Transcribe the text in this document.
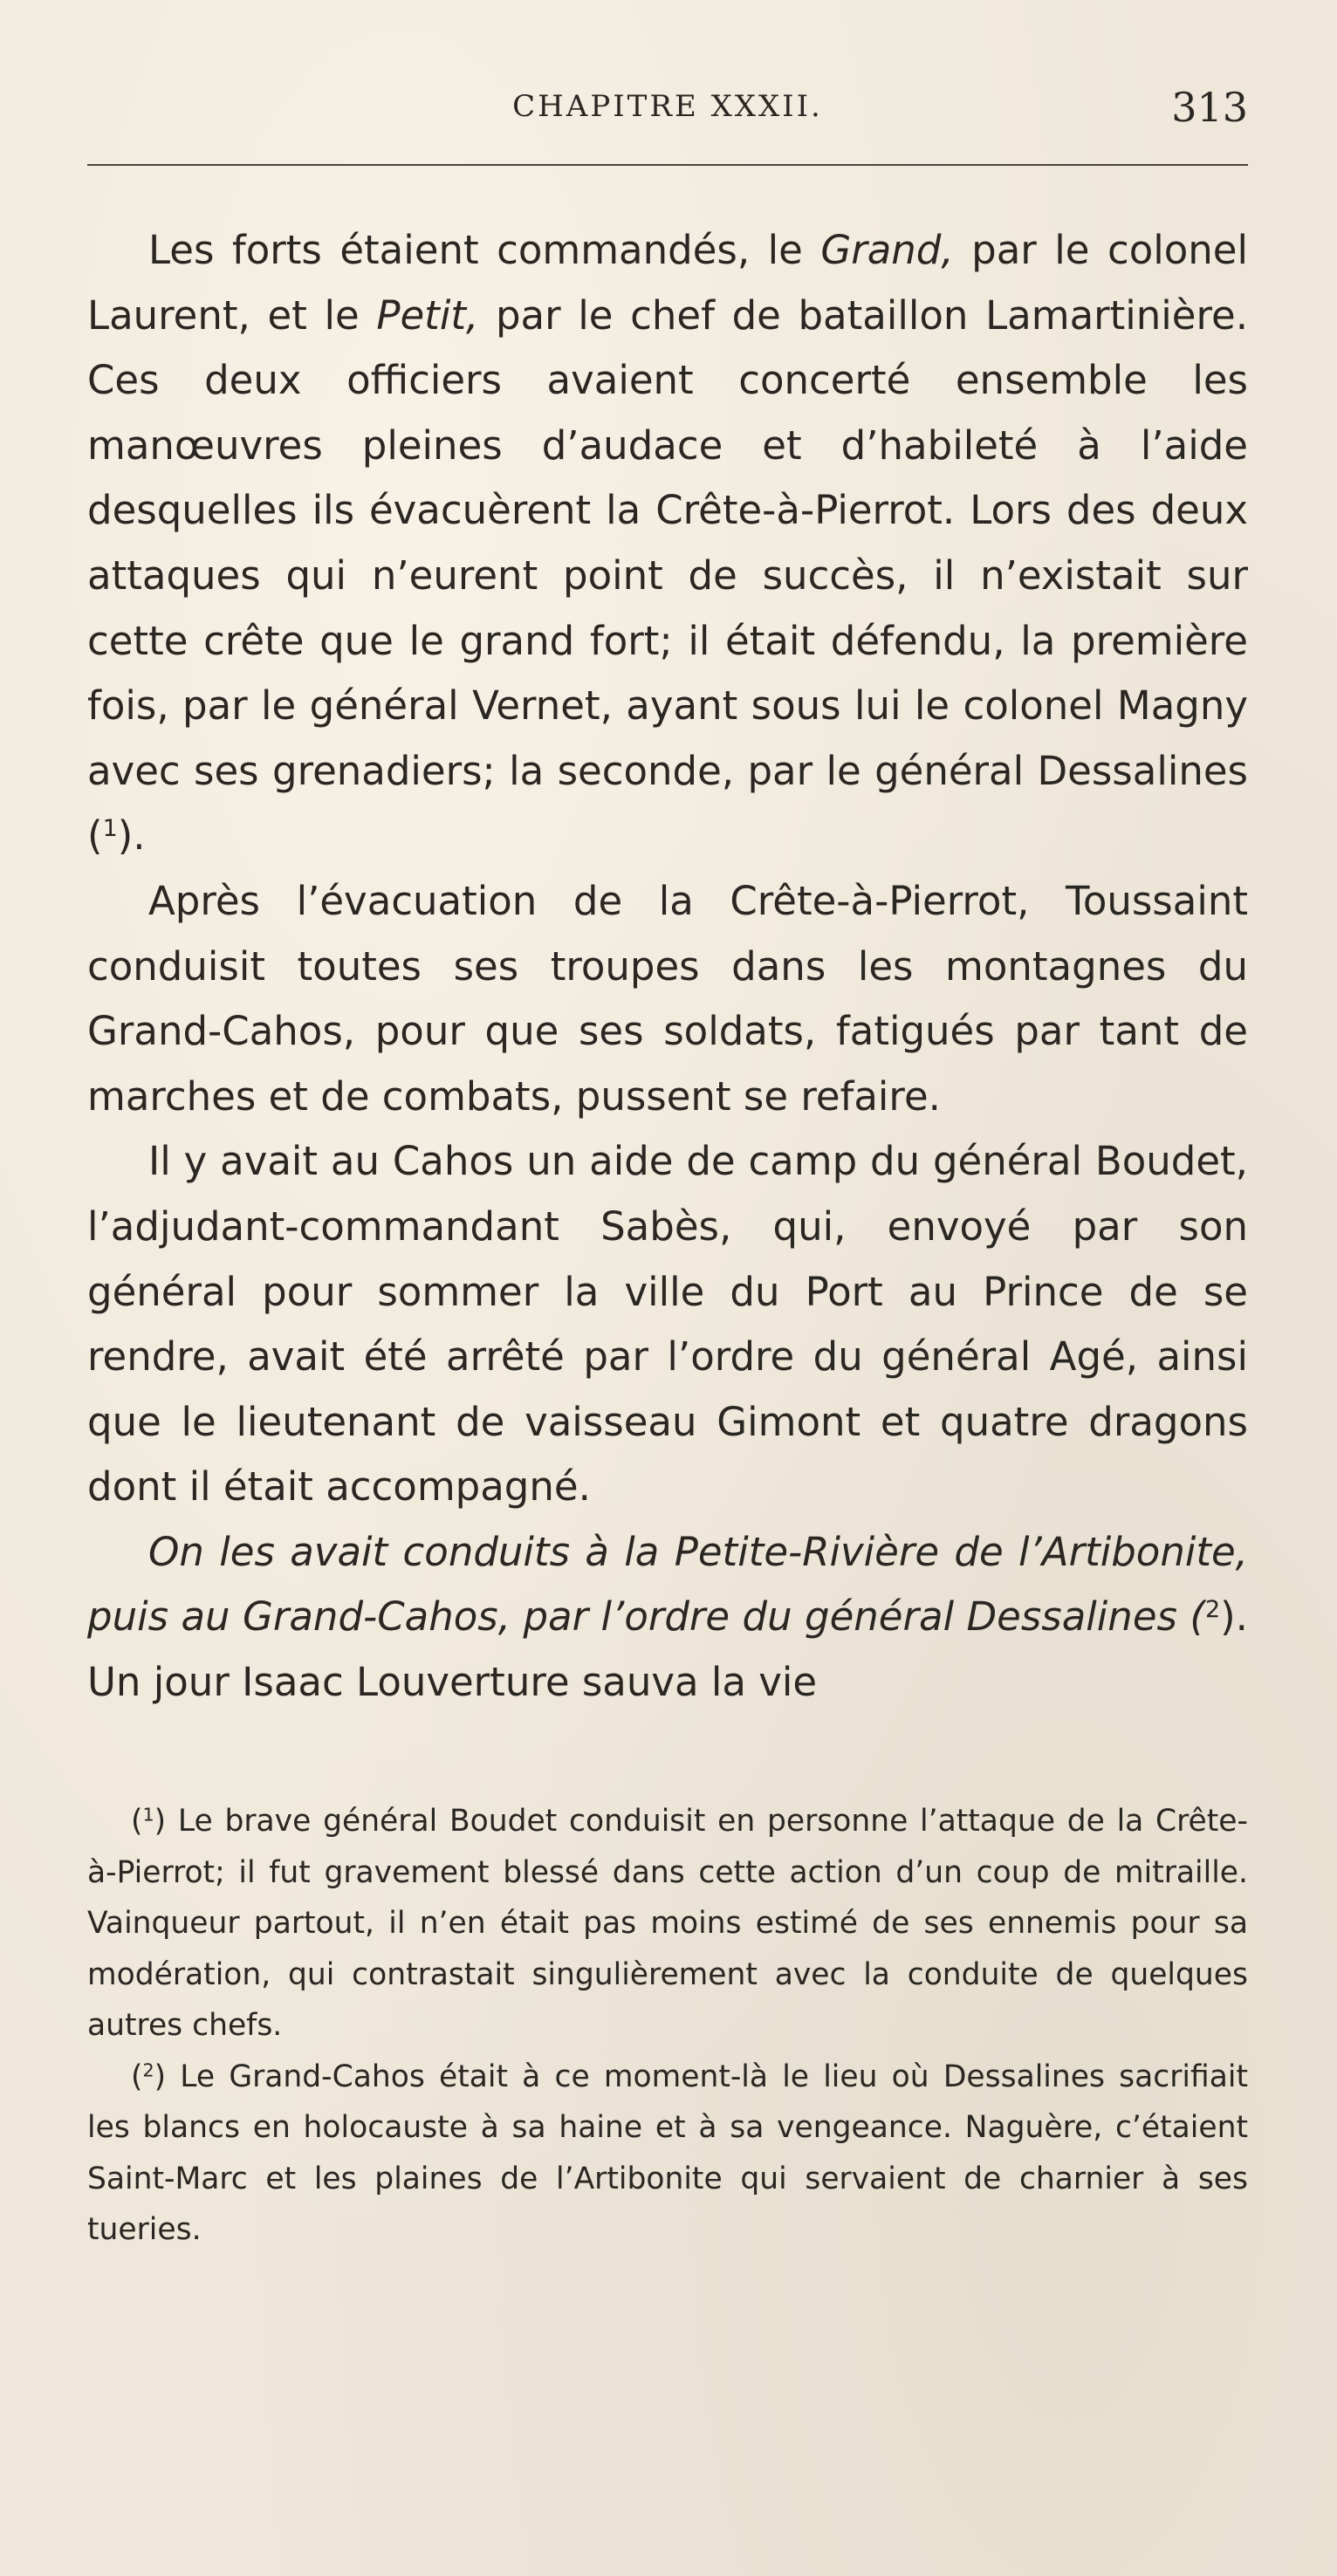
CHAPITRE XXXII.	313

Les forts étaient commandés, le Grand, par le colonel Laurent, et le Petit, par le chef de bataillon Lamartinière. Ces deux officiers avaient concerté ensemble les manœuvres pleines d’audace et d’habileté à l’aide desquelles ils évacuèrent la Crête-à-Pierrot. Lors des deux attaques qui n’eurent point de succès, il n’existait sur cette crête que le grand fort; il était défendu, la première fois, par le général Vernet, ayant sous lui le colonel Magny avec ses grenadiers; la seconde, par le général Dessalines ($^1$).

Après l’évacuation de la Crête-à-Pierrot, Toussaint conduisit toutes ses troupes dans les montagnes du Grand-Cahos, pour que ses soldats, fatigués par tant de marches et de combats, pussent se refaire.

Il y avait au Cahos un aide de camp du général Boudet, l’adjudant-commandant Sabès, qui, envoyé par son général pour sommer la ville du Port au Prince de se rendre, avait été arrêté par l’ordre du général Agé, ainsi que le lieutenant de vaisseau Gimont et quatre dragons dont il était accompagné.

On les avait conduits à la Petite-Rivière de l’Artibonite, puis au Grand-Cahos, par l’ordre du général Dessalines ($^2$). Un jour Isaac Louverture sauva la vie

($^1$) Le brave général Boudet conduisit en personne l’attaque de la Crête-à-Pierrot; il fut gravement blessé dans cette action d’un coup de mitraille. Vainqueur partout, il n’en était pas moins estimé de ses ennemis pour sa modération, qui contrastait singulièrement avec la conduite de quelques autres chefs.

($^2$) Le Grand-Cahos était à ce moment-là le lieu où Dessalines sacrifiait les blancs en holocauste à sa haine et à sa vengeance. Naguère, c’étaient Saint-Marc et les plaines de l’Artibonite qui servaient de charnier à ses tueries.
